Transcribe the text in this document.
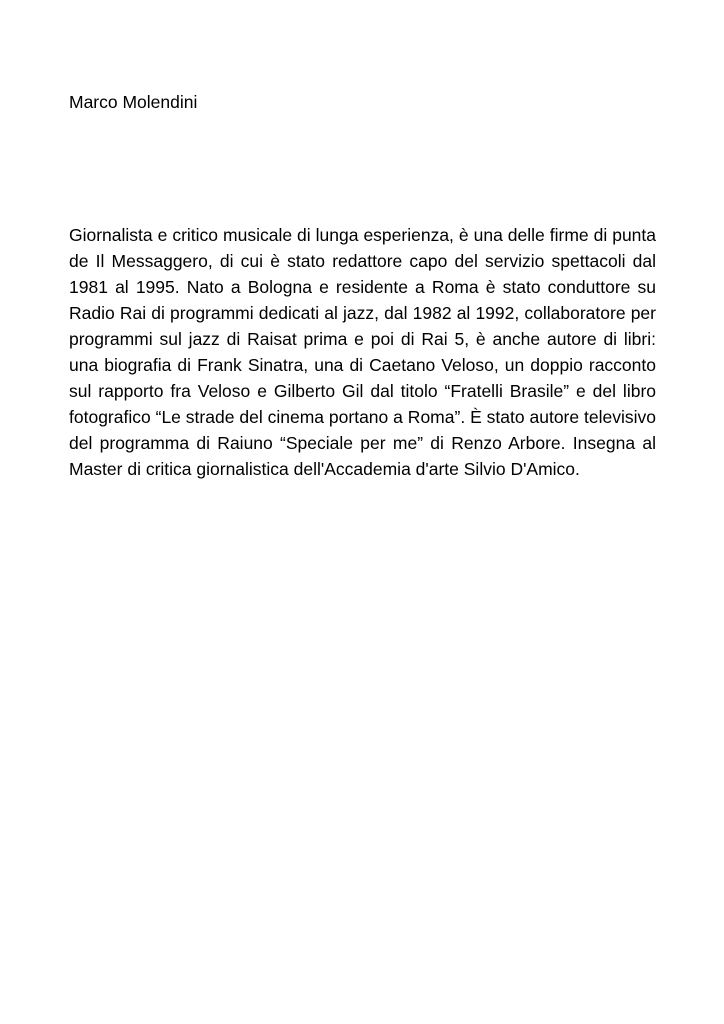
Marco Molendini

Giornalista e critico musicale di lunga esperienza, è una delle firme di punta de Il Messaggero, di cui è stato redattore capo del servizio spettacoli dal 1981 al 1995. Nato a Bologna e residente a Roma è stato conduttore su Radio Rai di programmi dedicati al jazz, dal 1982 al 1992, collaboratore per programmi sul jazz di Raisat prima e poi di Rai 5, è anche autore di libri: una biografia di Frank Sinatra, una di Caetano Veloso, un doppio racconto sul rapporto fra Veloso e Gilberto Gil dal titolo “Fratelli Brasile” e del libro fotografico “Le strade del cinema portano a Roma”. È stato autore televisivo del programma di Raiuno “Speciale per me” di Renzo Arbore. Insegna al Master di critica giornalistica dell'Accademia d'arte Silvio D'Amico.
